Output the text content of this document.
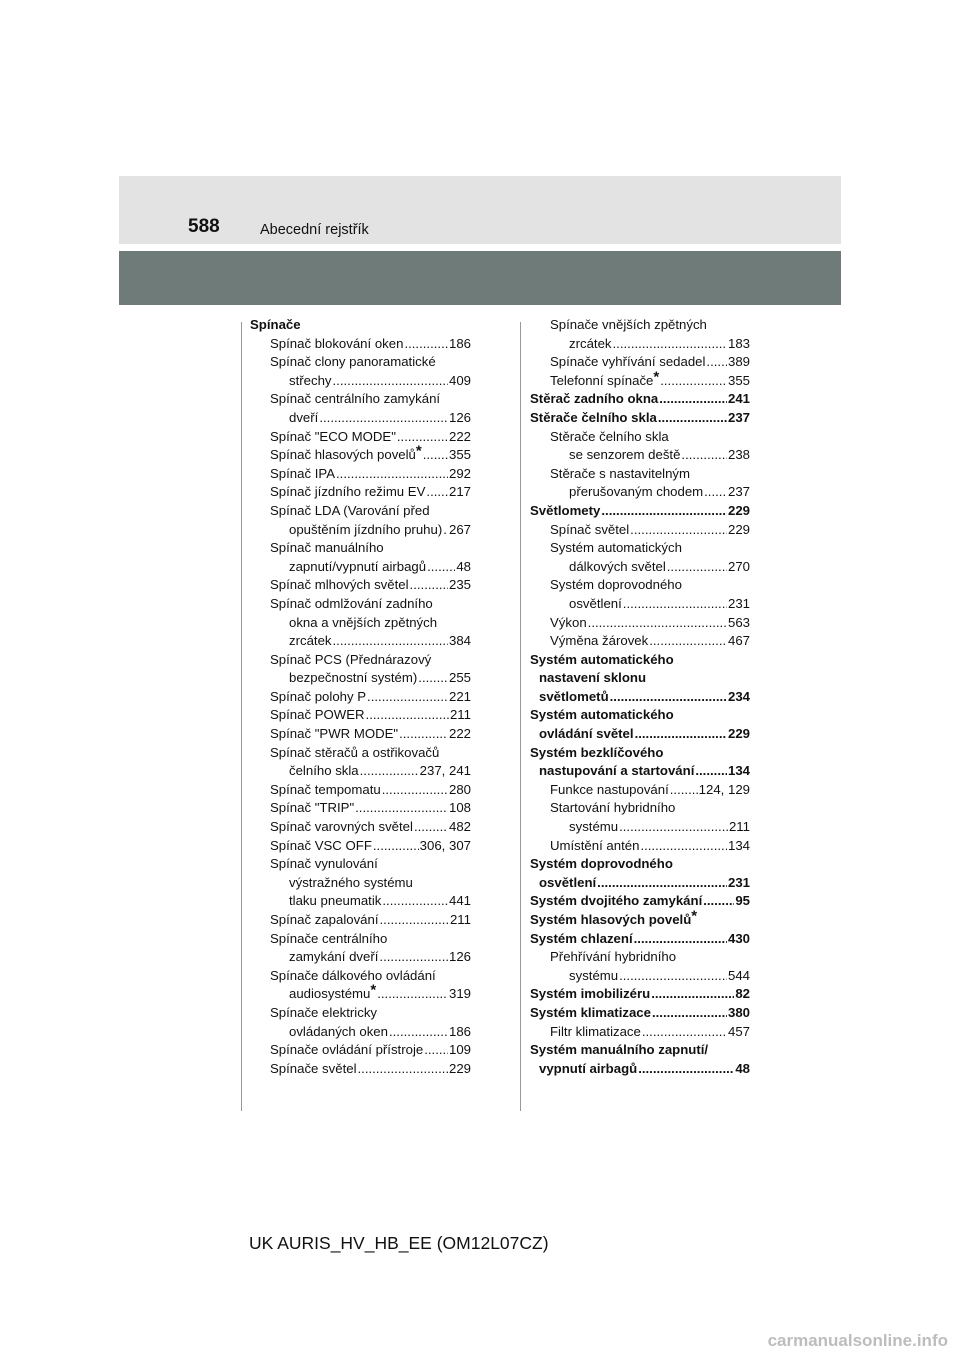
588	Abecední rejstřík
Spínače
Spínač blokování oken .....	186
Spínač clony panoramatické
střechy .....	409
Spínač centrálního zamykání
dveří .....	126
Spínač "ECO MODE" .....	222
Spínač hlasových povelů* ..... 355
Spínač IPA .....	292
Spínač jízdního režimu EV ..... 217
Spínač LDA (Varování před
opuštěním jízdního pruhu) ..... 267
Spínač manuálního
zapnutí/vypnutí airbagů ..... 48
Spínač mlhových světel .....	235
Spínač odmlžování zadního
okna a vnějších zpětných
zrcátek .....	384
Spínač PCS (Přednárazový
bezpečnostní systém) ..... 255
Spínač polohy P .....	221
Spínač POWER .....	211
Spínač "PWR MODE" .....	222
Spínač stěračů a ostřikovačů
čelního skla .....	237, 241
Spínač tempomatu .....	280
Spínač "TRIP" .....	108
Spínač varovných světel .....	482
Spínač VSC OFF .....	306, 307
Spínač vynulování
výstražného systému
tlaku pneumatik .....	441
Spínač zapalování .....	211
Spínače centrálního
zamykání dveří .....	126
Spínače dálkového ovládání
audiosystému* .....	319
Spínače elektricky
ovládaných oken .....	186
Spínače ovládání přístroje ..... 109
Spínače světel .....	229
Spínače vnějších zpětných
zrcátek .....	183
Spínače vyhřívání sedadel ..... 389
Telefonní spínače* .....	355
Stěrač zadního okna .....	241
Stěrače čelního skla .....	237
Stěrače čelního skla
se senzorem deště .....	238
Stěrače s nastavitelným
přerušovaným chodem ..... 237
Světlomety .....	229
Spínač světel .....	229
Systém automatických
dálkových světel .....	270
Systém doprovodného
osvětlení .....	231
Výkon .....	563
Výměna žárovek .....	467
Systém automatického
nastavení sklonu
světlometů .....	234
Systém automatického
ovládání světel .....	229
Systém bezklíčového
nastupování a startování .....	134
Funkce nastupování ..... 124, 129
Startování hybridního
systému .....	211
Umístění antén .....	134
Systém doprovodného
osvětlení .....	231
Systém dvojitého zamykání .....	95
Systém hlasových povelů*
Systém chlazení .....	430
Přehřívání hybridního
systému .....	544
Systém imobilizéru .....	82
Systém klimatizace .....	380
Filtr klimatizace .....	457
Systém manuálního zapnutí/
vypnutí airbagů .....	48
UK AURIS_HV_HB_EE (OM12L07CZ)
carmanualsonline.info
